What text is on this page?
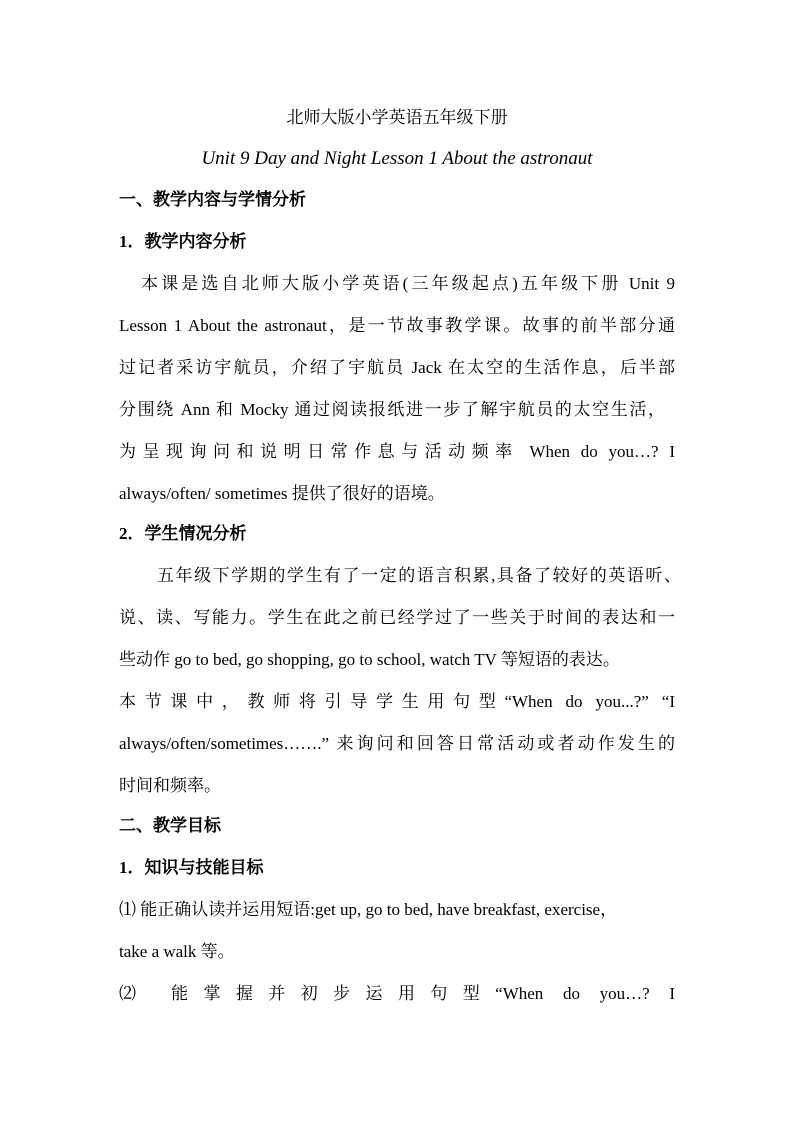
北师大版小学英语五年级下册
Unit 9 Day and Night Lesson 1 About the astronaut
一、教学内容与学情分析
1．教学内容分析
本课是选自北师大版小学英语(三年级起点)五年级下册 Unit 9
Lesson 1 About the astronaut，是一节故事教学课。故事的前半部分通
过记者采访宇航员，介绍了宇航员 Jack 在太空的生活作息，后半部
分围绕 Ann 和 Mocky 通过阅读报纸进一步了解宇航员的太空生活，
为呈现询问和说明日常作息与活动频率 When do you…? I
always/often/ sometimes 提供了很好的语境。
2．学生情况分析
五年级下学期的学生有了一定的语言积累,具备了较好的英语听、
说、读、写能力。学生在此之前已经学过了一些关于时间的表达和一
些动作 go to bed, go shopping, go to school, watch TV 等短语的表达。
本节课中，教师将引导学生用句型“When do you...?” “I
always/often/sometimes…….” 来询问和回答日常活动或者动作发生的
时间和频率。
二、教学目标
1．知识与技能目标
⑴ 能正确认读并运用短语:get up, go to bed, have breakfast, exercise，
take a walk 等。
⑵ 能掌握并初步运用句型“When do you…? I
